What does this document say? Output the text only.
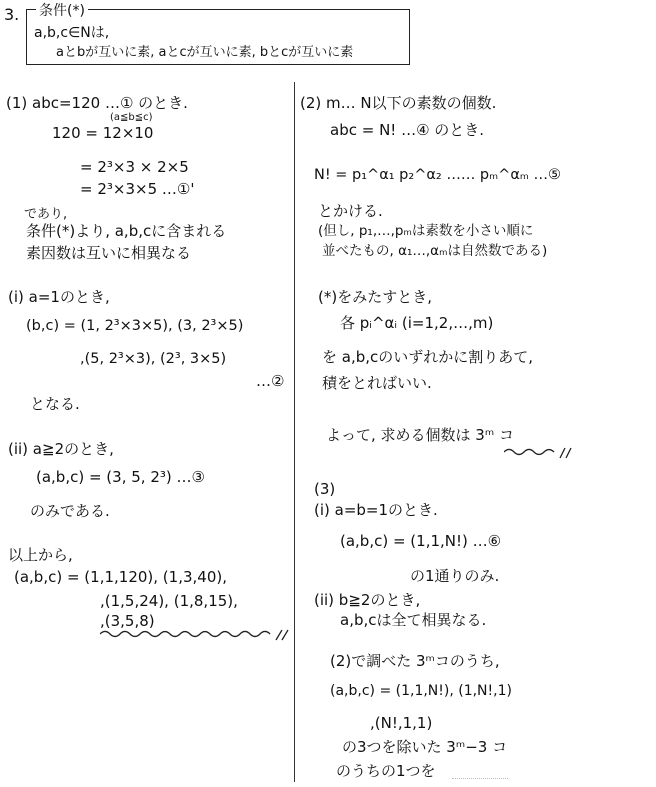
3. 条件(*)
a,b,c∈Nは,
aとbが互いに素, aとcが互いに素, bとcが互いに素
(1) abc=120 …① のとき.
(a≦b≦c)
120 = 12×10
= 2³×3 × 2×5
= 2³×3×5 …①'
であり,
条件(*)より, a,b,cに含まれる
素因数は互いに相異なる
(i) a=1のとき,
(b,c) = (1, 2³×3×5), (3, 2³×5)
,(5, 2³×3), (2³, 3×5)
…②
となる.
(ii) a≧2のとき,
(a,b,c) = (3, 5, 2³) …③
のみである.
以上から,
(a,b,c) = (1,1,120), (1,3,40),
,(1,5,24), (1,8,15),
,(3,5,8)
(2) m… N以下の素数の個数.
abc = N! …④ のとき.
N! = p₁^α₁ p₂^α₂ …… pₘ^αₘ …⑤
とかける.
(但し, p₁,…,pₘは素数を小さい順に
並べたもの, α₁…,αₘは自然数である)
(*)をみたすとき,
各 pᵢ^αᵢ (i=1,2,…,m)
を a,b,cのいずれかに割りあて,
積をとればいい.
よって, 求める個数は 3ᵐ コ
(3)
(i) a=b=1のとき.
(a,b,c) = (1,1,N!) …⑥
の1通りのみ.
(ii) b≧2のとき,
a,b,cは全て相異なる.
(2)で調べた 3ᵐコのうち,
(a,b,c) = (1,1,N!), (1,N!,1)
,(N!,1,1)
の3つを除いた 3ᵐ−3 コ
のうちの1つを
